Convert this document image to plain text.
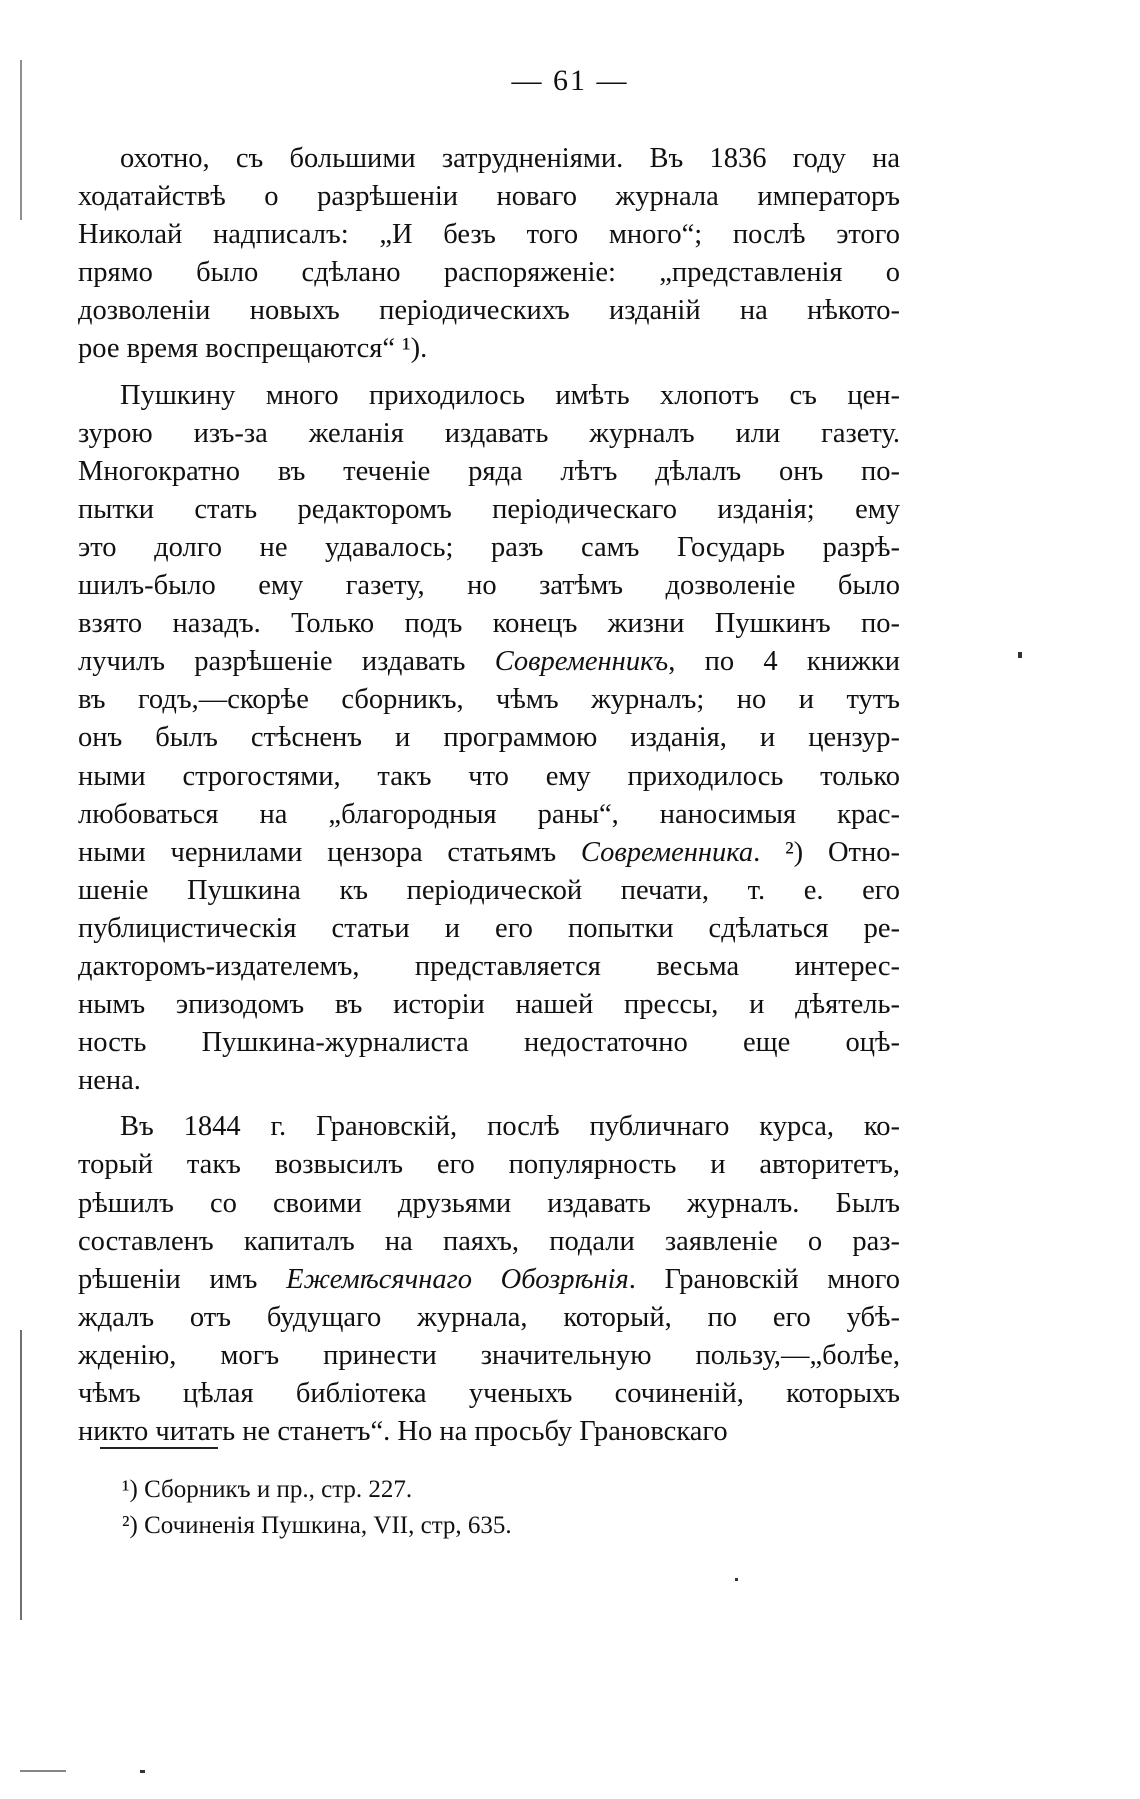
— 61 —
охотно, съ большими затрудненіями. Въ 1836 году на
ходатайствѣ о разрѣшеніи новаго журнала императоръ
Николай надписалъ: „И безъ того много“; послѣ этого
прямо было сдѣлано распоряженіе: „представленія о
дозволеніи новыхъ періодическихъ изданій на нѣкото-
рое время воспрещаются“ ¹).
Пушкину много приходилось имѣть хлопотъ съ цен-
зурою изъ-за желанія издавать журналъ или газету.
Многократно въ теченіе ряда лѣтъ дѣлалъ онъ по-
пытки стать редакторомъ періодическаго изданія; ему
это долго не удавалось; разъ самъ Государь разрѣ-
шилъ-было ему газету, но затѣмъ дозволеніе было
взято назадъ. Только подъ конецъ жизни Пушкинъ по-
лучилъ разрѣшеніе издавать Современникъ, по 4 книжки
въ годъ,—скорѣе сборникъ, чѣмъ журналъ; но и тутъ
онъ былъ стѣсненъ и программою изданія, и цензур-
ными строгостями, такъ что ему приходилось только
любоваться на „благородныя раны“, наносимыя крас-
ными чернилами цензора статьямъ Современника. ²) Отно-
шеніе Пушкина къ періодической печати, т. е. его
публицистическія статьи и его попытки сдѣлаться ре-
дакторомъ-издателемъ, представляется весьма интерес-
нымъ эпизодомъ въ исторіи нашей прессы, и дѣятель-
ность Пушкина-журналиста недостаточно еще оцѣ-
нена.
Въ 1844 г. Грановскій, послѣ публичнаго курса, ко-
торый такъ возвысилъ его популярность и авторитетъ,
рѣшилъ со своими друзьями издавать журналъ. Былъ
составленъ капиталъ на паяхъ, подали заявленіе о раз-
рѣшеніи имъ Ежемѣсячнаго Обозрѣнія. Грановскій много
ждалъ отъ будущаго журнала, который, по его убѣ-
жденію, могъ принести значительную пользу,—„болѣе,
чѣмъ цѣлая библіотека ученыхъ сочиненій, которыхъ
никто читать не станетъ“. Но на просьбу Грановскаго
¹) Сборникъ и пр., стр. 227.
²) Сочиненія Пушкина, VII, стр, 635.
